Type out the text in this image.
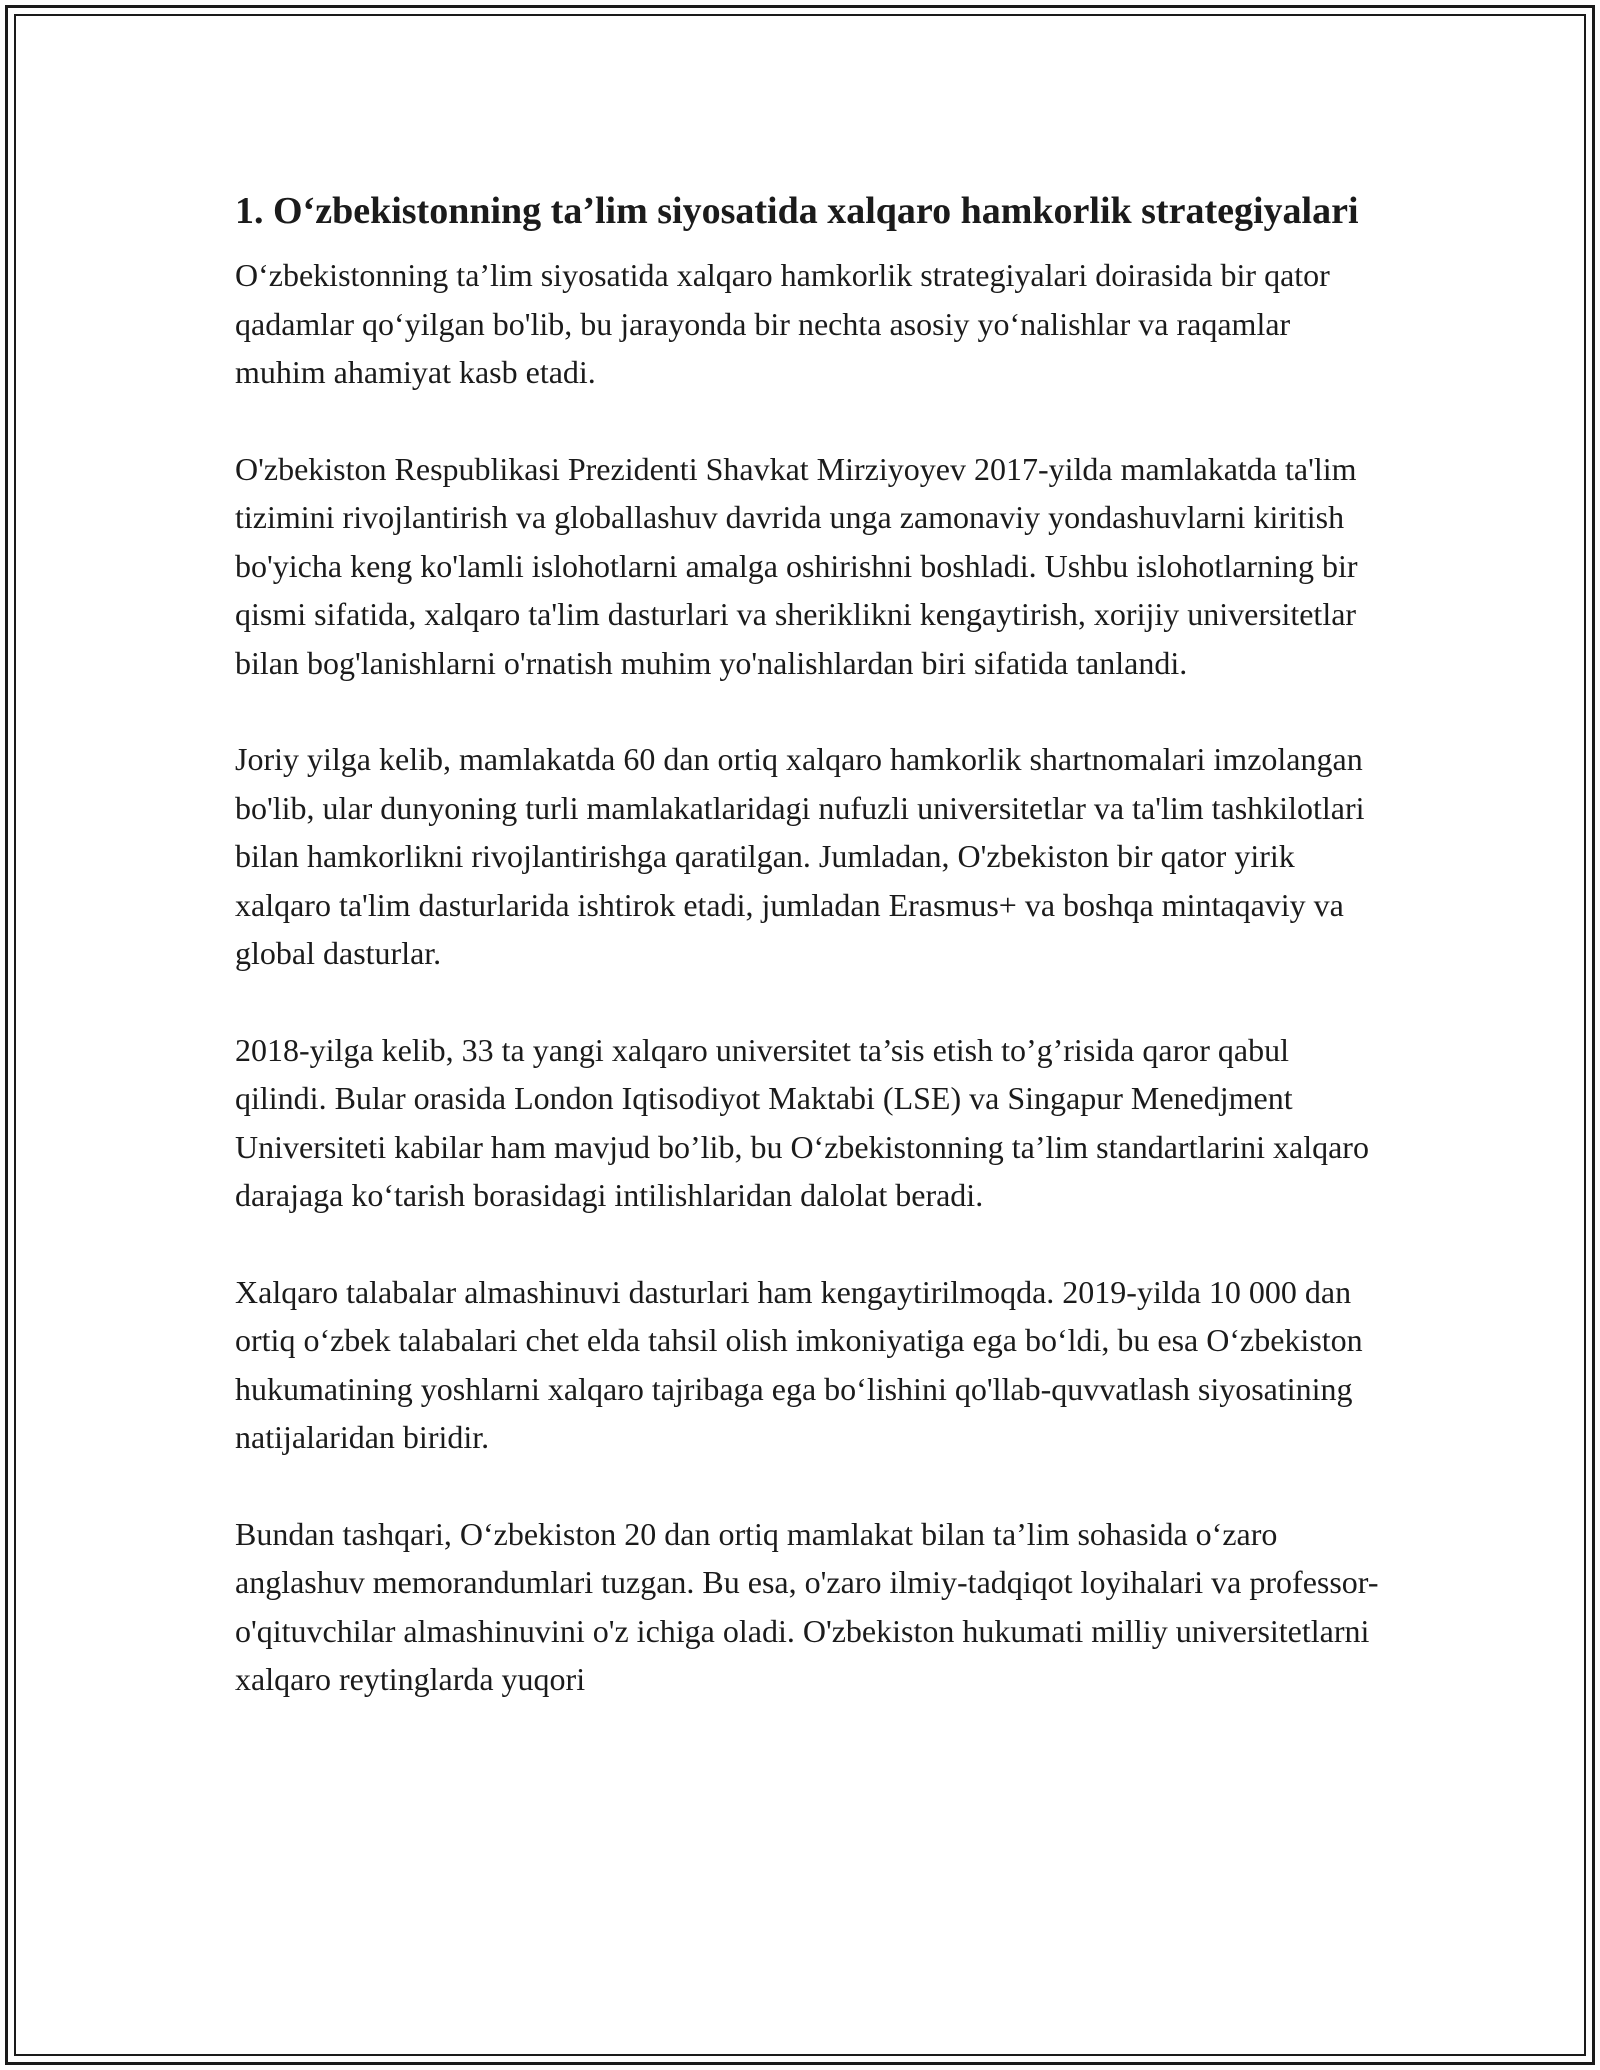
1. O‘zbekistonning ta’lim siyosatida xalqaro hamkorlik strategiyalari

O‘zbekistonning ta’lim siyosatida xalqaro hamkorlik strategiyalari doirasida bir qator qadamlar qo‘yilgan bo'lib, bu jarayonda bir nechta asosiy yo‘nalishlar va raqamlar muhim ahamiyat kasb etadi.

O'zbekiston Respublikasi Prezidenti Shavkat Mirziyoyev 2017-yilda mamlakatda ta'lim tizimini rivojlantirish va globallashuv davrida unga zamonaviy yondashuvlarni kiritish bo'yicha keng ko'lamli islohotlarni amalga oshirishni boshladi. Ushbu islohotlarning bir qismi sifatida, xalqaro ta'lim dasturlari va sheriklikni kengaytirish, xorijiy universitetlar bilan bog'lanishlarni o'rnatish muhim yo'nalishlardan biri sifatida tanlandi.

Joriy yilga kelib, mamlakatda 60 dan ortiq xalqaro hamkorlik shartnomalari imzolangan bo'lib, ular dunyoning turli mamlakatlaridagi nufuzli universitetlar va ta'lim tashkilotlari bilan hamkorlikni rivojlantirishga qaratilgan. Jumladan, O'zbekiston bir qator yirik xalqaro ta'lim dasturlarida ishtirok etadi, jumladan Erasmus+ va boshqa mintaqaviy va global dasturlar.

2018-yilga kelib, 33 ta yangi xalqaro universitet ta’sis etish to’g’risida qaror qabul qilindi. Bular orasida London Iqtisodiyot Maktabi (LSE) va Singapur Menedjment Universiteti kabilar ham mavjud bo’lib, bu O‘zbekistonning ta’lim standartlarini xalqaro darajaga ko‘tarish borasidagi intilishlaridan dalolat beradi.

Xalqaro talabalar almashinuvi dasturlari ham kengaytirilmoqda. 2019-yilda 10 000 dan ortiq o‘zbek talabalari chet elda tahsil olish imkoniyatiga ega bo‘ldi, bu esa O‘zbekiston hukumatining yoshlarni xalqaro tajribaga ega bo‘lishini qo'llab-quvvatlash siyosatining natijalaridan biridir.

Bundan tashqari, O‘zbekiston 20 dan ortiq mamlakat bilan ta’lim sohasida o‘zaro anglashuv memorandumlari tuzgan. Bu esa, o'zaro ilmiy-tadqiqot loyihalari va professor-o'qituvchilar almashinuvini o'z ichiga oladi. O'zbekiston hukumati milliy universitetlarni xalqaro reytinglarda yuqori
